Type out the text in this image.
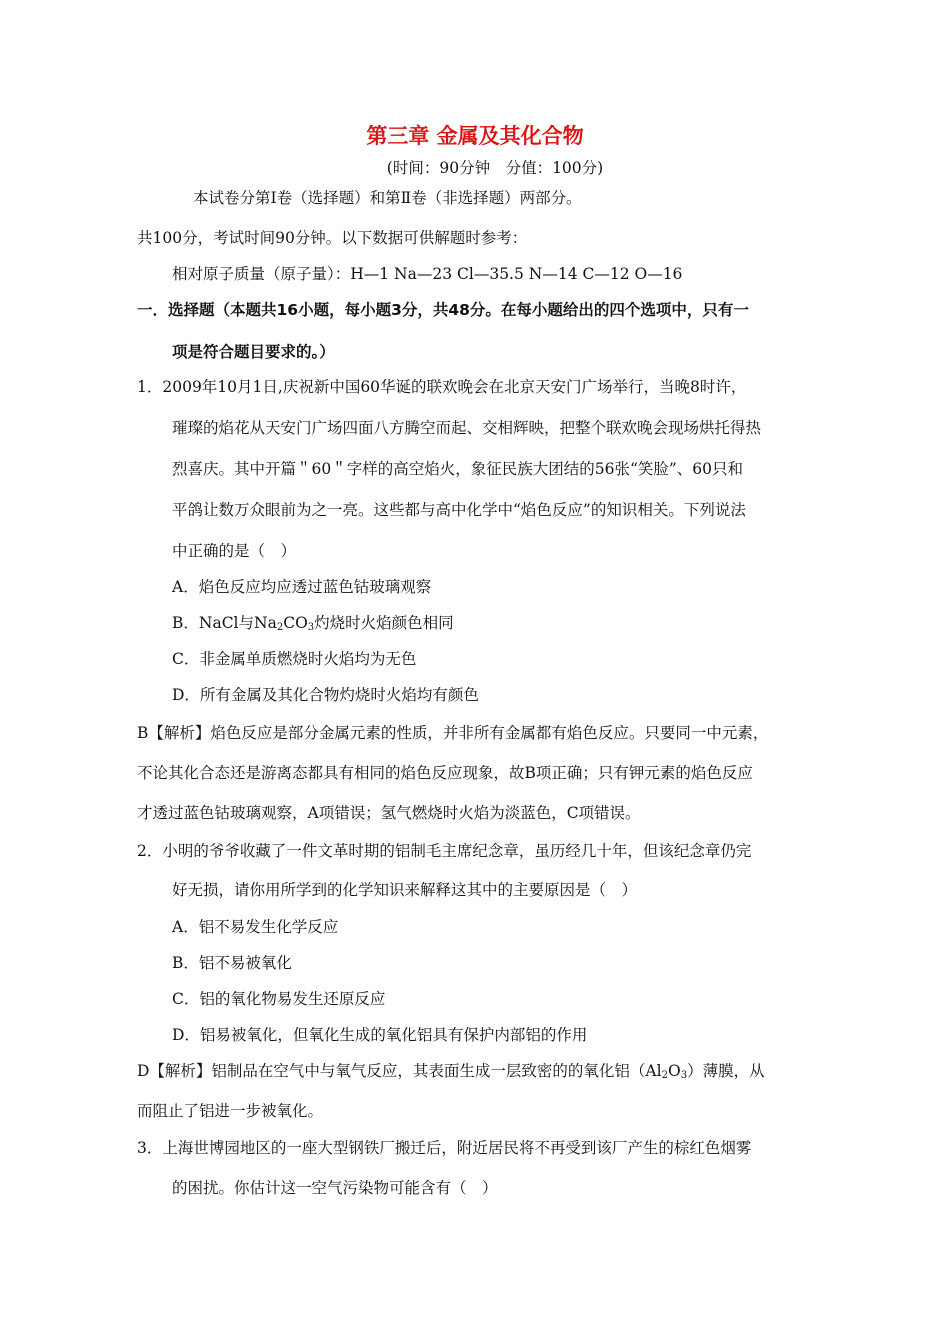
第三章 金属及其化合物
(时间：90分钟　分值：100分)
本试卷分第Ⅰ卷（选择题）和第Ⅱ卷（非选择题）两部分。
共100分，考试时间90分钟。以下数据可供解题时参考：
相对原子质量（原子量）：H—1 Na—23 Cl—35.5 N—14 C—12 O—16
一．选择题（本题共16小题，每小题3分，共48分。在每小题给出的四个选项中，只有一
项是符合题目要求的。）
1．2009年10月1日,庆祝新中国60华诞的联欢晚会在北京天安门广场举行，当晚8时许，
璀璨的焰花从天安门广场四面八方腾空而起、交相辉映，把整个联欢晚会现场烘托得热
烈喜庆。其中开篇＂60＂字样的高空焰火，象征民族大团结的56张“笑脸”、60只和
平鸽让数万众眼前为之一亮。这些都与高中化学中“焰色反应”的知识相关。下列说法
中正确的是（　）
A．焰色反应均应透过蓝色钴玻璃观察
B．NaCl与$Na_2CO_3$灼烧时火焰颜色相同
C．非金属单质燃烧时火焰均为无色
D．所有金属及其化合物灼烧时火焰均有颜色
B【解析】焰色反应是部分金属元素的性质，并非所有金属都有焰色反应。只要同一中元素，
不论其化合态还是游离态都具有相同的焰色反应现象，故B项正确；只有钾元素的焰色反应
才透过蓝色钴玻璃观察，A项错误；氢气燃烧时火焰为淡蓝色，C项错误。
2．小明的爷爷收藏了一件文革时期的铝制毛主席纪念章，虽历经几十年，但该纪念章仍完
好无损，请你用所学到的化学知识来解释这其中的主要原因是（　）
A．铝不易发生化学反应
B．铝不易被氧化
C．铝的氧化物易发生还原反应
D．铝易被氧化，但氧化生成的氧化铝具有保护内部铝的作用
D【解析】铝制品在空气中与氧气反应，其表面生成一层致密的的氧化铝$(Al_2O_3)$薄膜，从
而阻止了铝进一步被氧化。
3．上海世博园地区的一座大型钢铁厂搬迁后，附近居民将不再受到该厂产生的棕红色烟雾
的困扰。你估计这一空气污染物可能含有（　）
